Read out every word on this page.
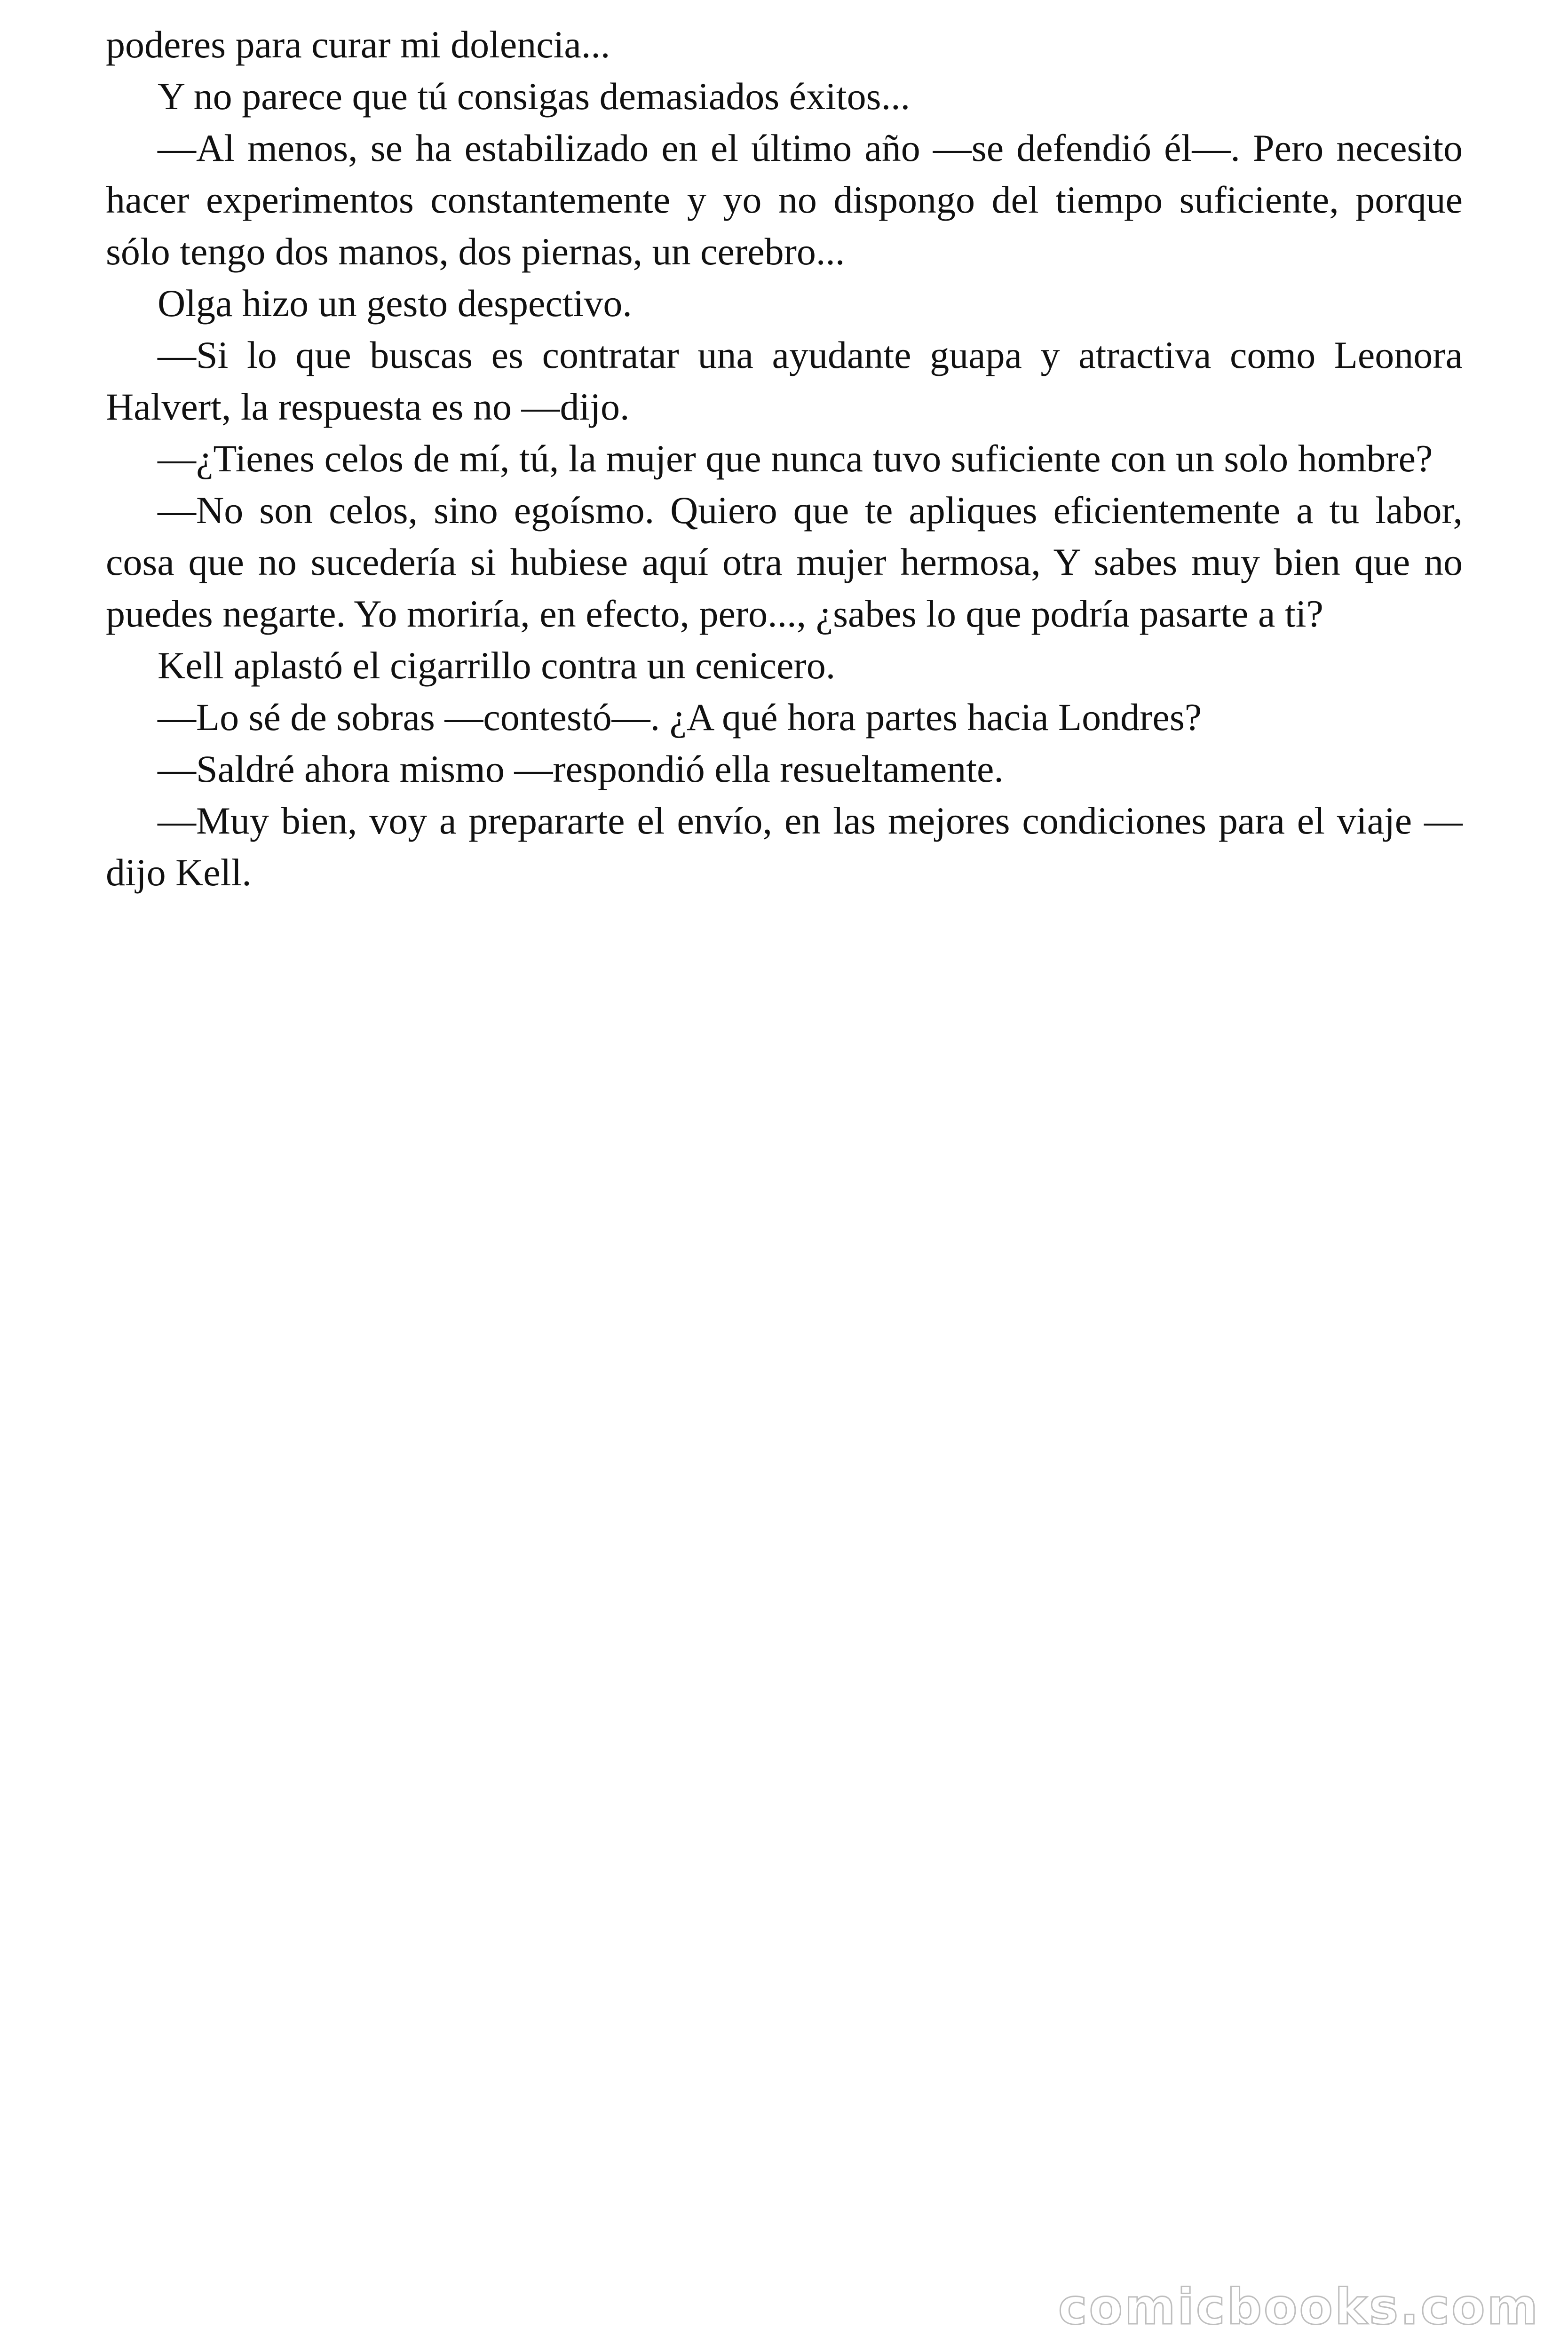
poderes para curar mi dolencia...

Y no parece que tú consigas demasiados éxitos...

—Al menos, se ha estabilizado en el último año —se defendió él—. Pero necesito hacer experimentos constantemente y yo no dispongo del tiempo suficiente, porque sólo tengo dos manos, dos piernas, un cerebro...

Olga hizo un gesto despectivo.

—Si lo que buscas es contratar una ayudante guapa y atractiva como Leonora Halvert, la respuesta es no —dijo.

—¿Tienes celos de mí, tú, la mujer que nunca tuvo suficiente con un solo hombre?

—No son celos, sino egoísmo. Quiero que te apliques eficientemente a tu labor, cosa que no sucedería si hubiese aquí otra mujer hermosa, Y sabes muy bien que no puedes negarte. Yo moriría, en efecto, pero..., ¿sabes lo que podría pasarte a ti?

Kell aplastó el cigarrillo contra un cenicero.

—Lo sé de sobras —contestó—. ¿A qué hora partes hacia Londres?

—Saldré ahora mismo —respondió ella resueltamente.

—Muy bien, voy a prepararte el envío, en las mejores condiciones para el viaje —dijo Kell.

comicbooks.com
